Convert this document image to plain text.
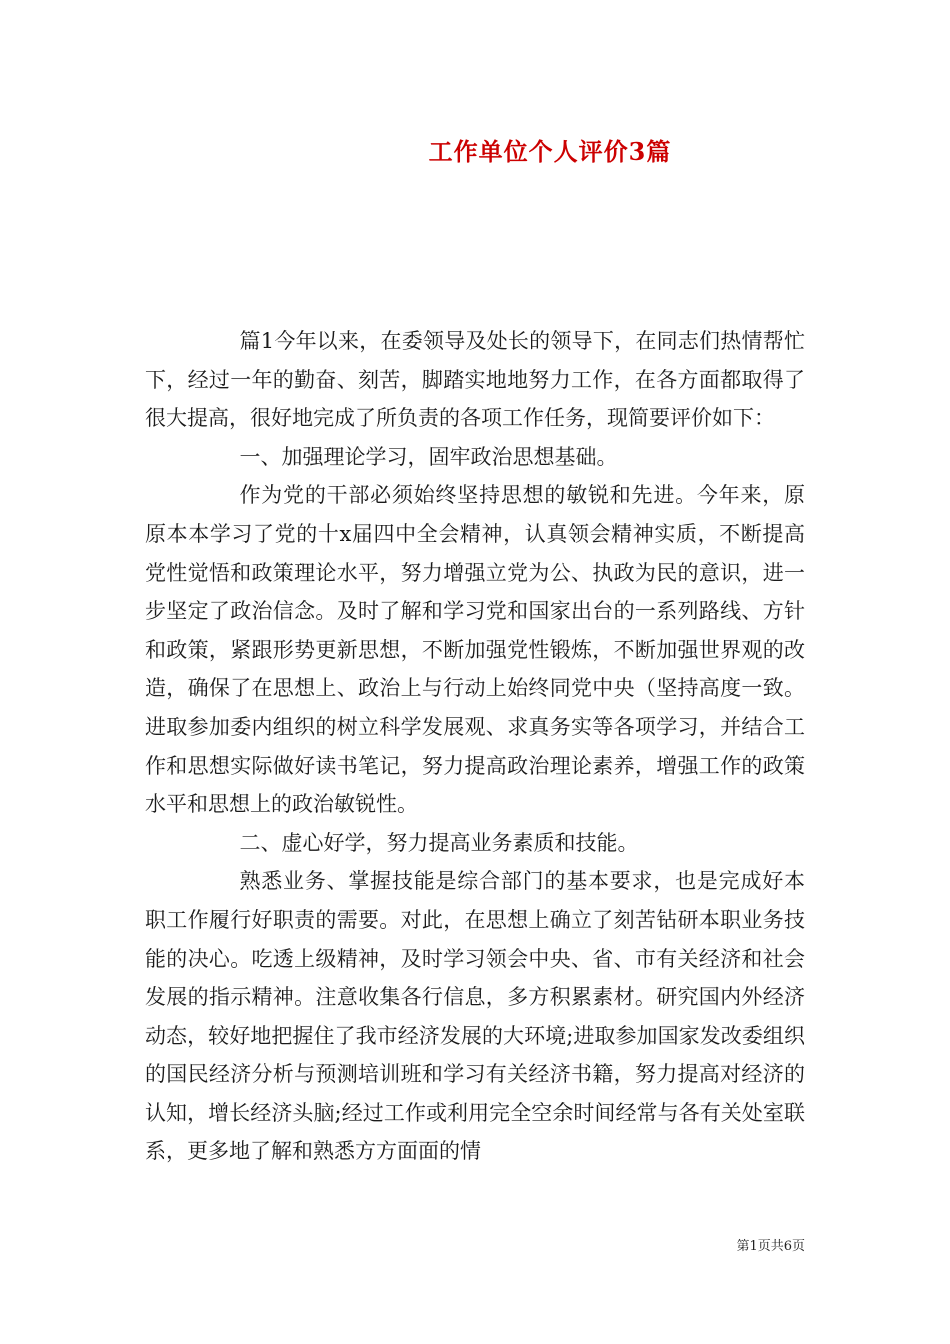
工作单位个人评价3篇

篇1今年以来，在委领导及处长的领导下，在同志们热情帮忙下，经过一年的勤奋、刻苦，脚踏实地地努力工作，在各方面都取得了很大提高，很好地完成了所负责的各项工作任务，现简要评价如下：

一、加强理论学习，固牢政治思想基础。

作为党的干部必须始终坚持思想的敏锐和先进。今年来，原原本本学习了党的十x届四中全会精神，认真领会精神实质，不断提高党性觉悟和政策理论水平，努力增强立党为公、执政为民的意识，进一步坚定了政治信念。及时了解和学习党和国家出台的一系列路线、方针和政策，紧跟形势更新思想，不断加强党性锻炼，不断加强世界观的改造，确保了在思想上、政治上与行动上始终同党中央（坚持高度一致。进取参加委内组织的树立科学发展观、求真务实等各项学习，并结合工作和思想实际做好读书笔记，努力提高政治理论素养，增强工作的政策水平和思想上的政治敏锐性。

二、虚心好学，努力提高业务素质和技能。

熟悉业务、掌握技能是综合部门的基本要求，也是完成好本职工作履行好职责的需要。对此，在思想上确立了刻苦钻研本职业务技能的决心。吃透上级精神，及时学习领会中央、省、市有关经济和社会发展的指示精神。注意收集各行信息，多方积累素材。研究国内外经济动态，较好地把握住了我市经济发展的大环境;进取参加国家发改委组织的国民经济分析与预测培训班和学习有关经济书籍，努力提高对经济的认知，增长经济头脑;经过工作或利用完全空余时间经常与各有关处室联系，更多地了解和熟悉方方面面的情

第1页共6页
